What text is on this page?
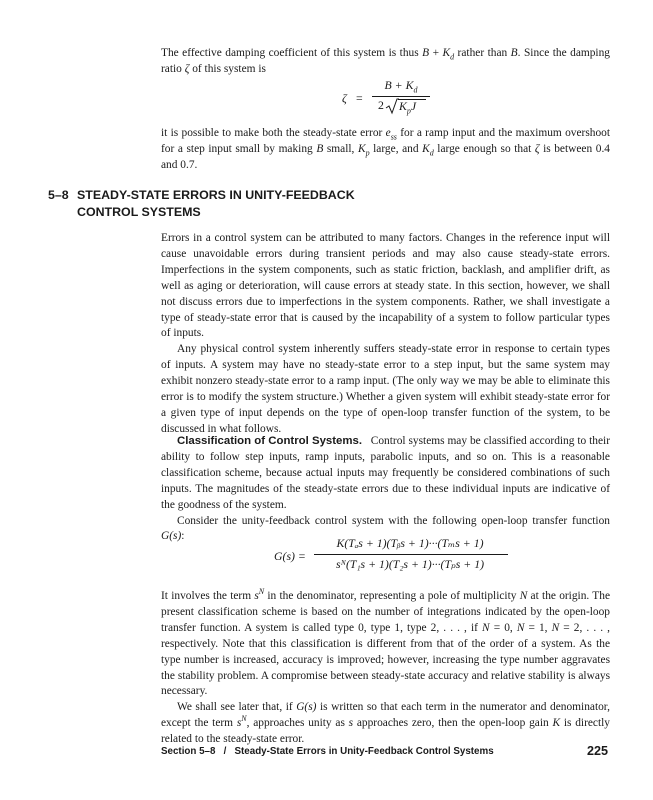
The effective damping coefficient of this system is thus $B + K_d$ rather than B. Since the damping ratio ζ of this system is

ζ =
$B + K_d$
2 $K_pJ$

it is possible to make both the steady-state error $e_{ss}$ for a ramp input and the maximum overshoot for a step input small by making B small, $K_p$ large, and $K_d$ large enough so that ζ is between 0.4 and 0.7.

5–8 STEADY-STATE ERRORS IN UNITY-FEEDBACK
CONTROL SYSTEMS

Errors in a control system can be attributed to many factors. Changes in the reference input will cause unavoidable errors during transient periods and may also cause steady-state errors. Imperfections in the system components, such as static friction, backlash, and amplifier drift, as well as aging or deterioration, will cause errors at steady state. In this section, however, we shall not discuss errors due to imperfections in the system components. Rather, we shall investigate a type of steady-state error that is caused by the incapability of a system to follow particular types of inputs.

Any physical control system inherently suffers steady-state error in response to certain types of inputs. A system may have no steady-state error to a step input, but the same system may exhibit nonzero steady-state error to a ramp input. (The only way we may be able to eliminate this error is to modify the system structure.) Whether a given system will exhibit steady-state error for a given type of input depends on the type of open-loop transfer function of the system, to be discussed in what follows.

Classification of Control Systems. Control systems may be classified according to their ability to follow step inputs, ramp inputs, parabolic inputs, and so on. This is a reasonable classification scheme, because actual inputs may frequently be considered combinations of such inputs. The magnitudes of the steady-state errors due to these individual inputs are indicative of the goodness of the system.

Consider the unity-feedback control system with the following open-loop transfer function G(s):

G(s) =
K(Tₐs + 1)(Tᵦs + 1)···(Tₘs + 1)
sᴺ(T₁s + 1)(T₂s + 1)···(Tₚs + 1)

It involves the term $s^N$ in the denominator, representing a pole of multiplicity N at the origin. The present classification scheme is based on the number of integrations indicated by the open-loop transfer function. A system is called type 0, type 1, type 2, . . . , if N = 0, N = 1, N = 2, . . . , respectively. Note that this classification is different from that of the order of a system. As the type number is increased, accuracy is improved; however, increasing the type number aggravates the stability problem. A compromise between steady-state accuracy and relative stability is always necessary.

We shall see later that, if G(s) is written so that each term in the numerator and denominator, except the term $s^N$, approaches unity as s approaches zero, then the open-loop gain K is directly related to the steady-state error.

Section 5–8   /   Steady-State Errors in Unity-Feedback Control Systems	225
